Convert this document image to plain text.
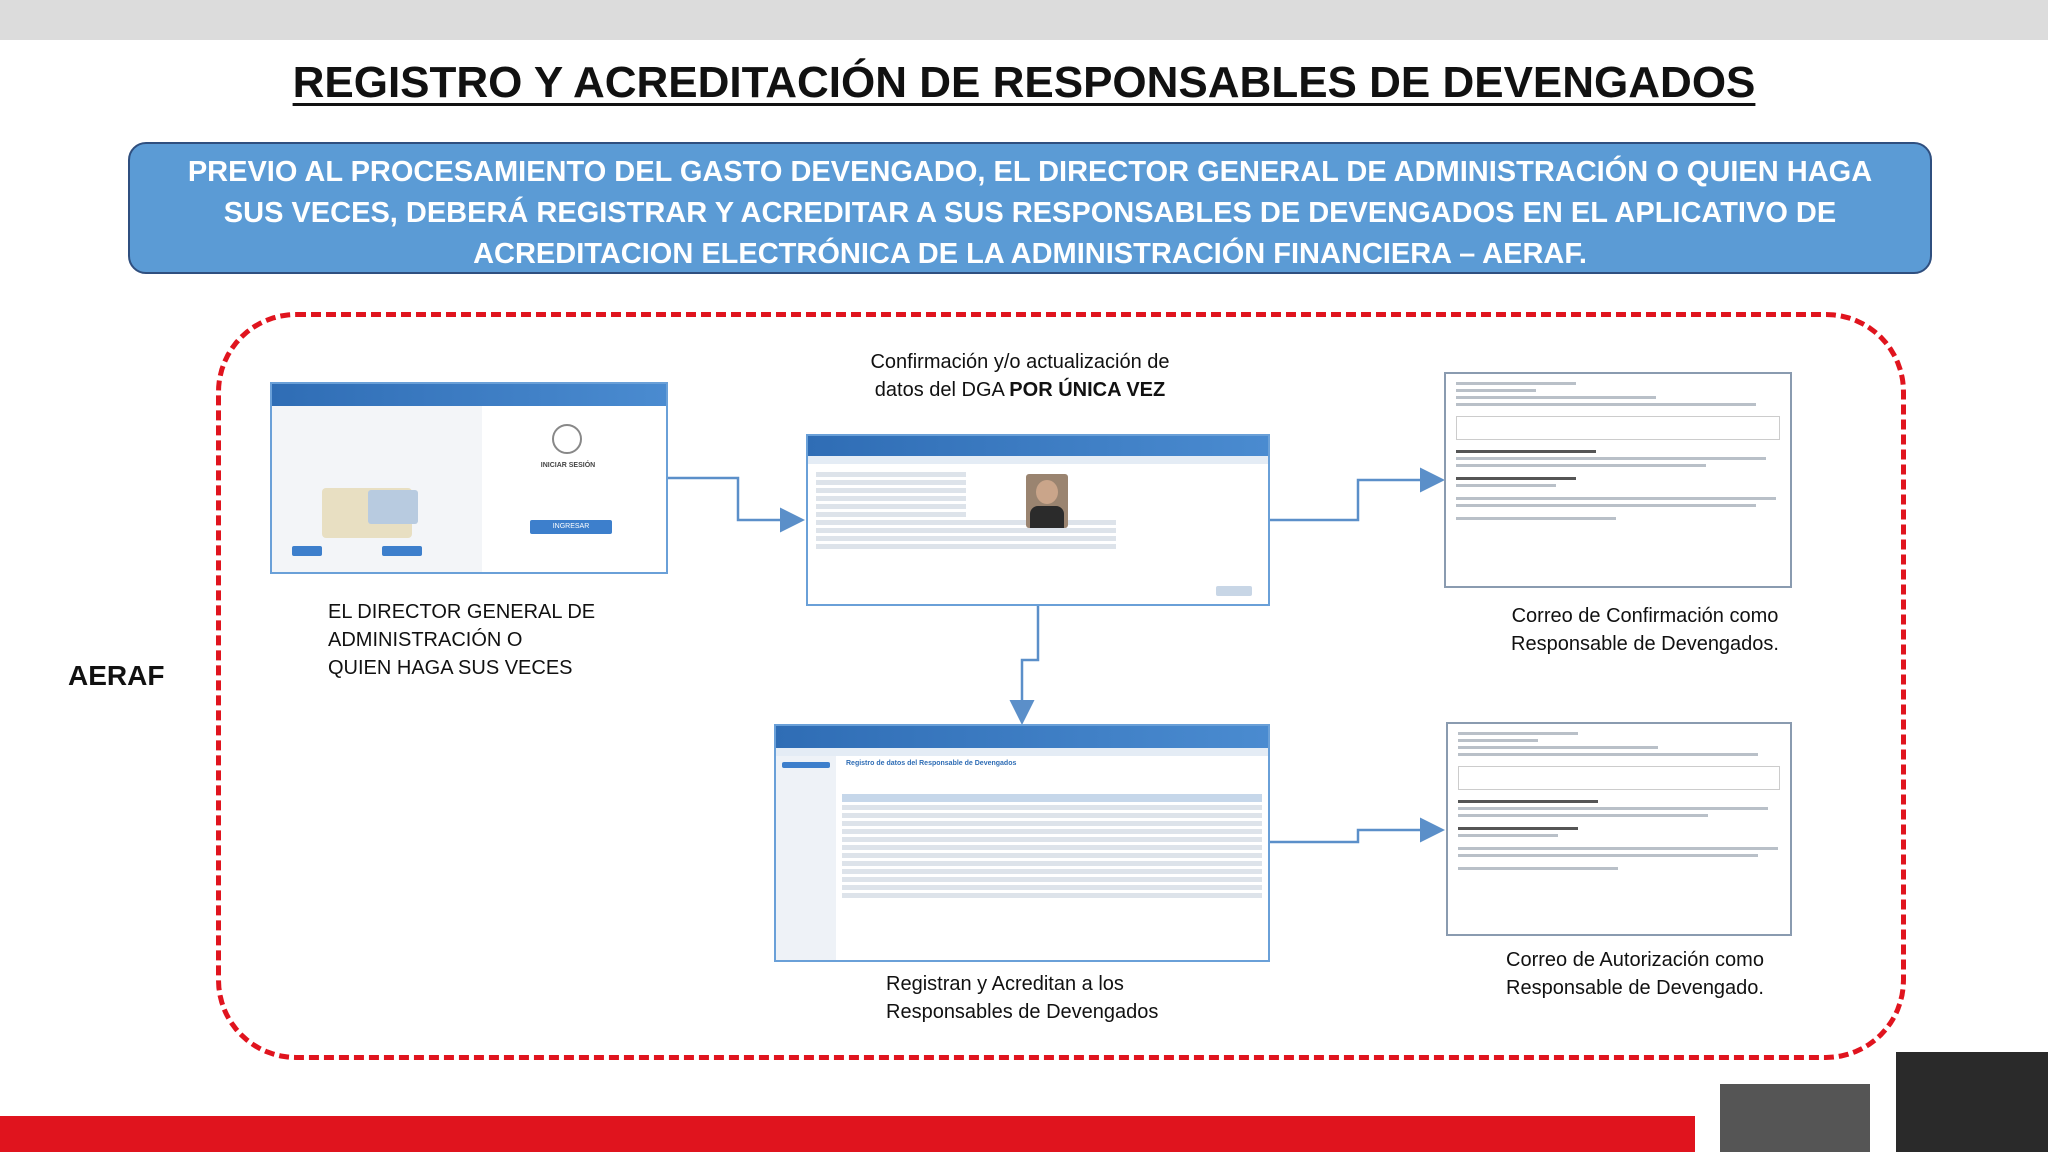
REGISTRO Y ACREDITACIÓN DE RESPONSABLES DE DEVENGADOS
PREVIO AL PROCESAMIENTO DEL GASTO DEVENGADO, EL DIRECTOR GENERAL DE ADMINISTRACIÓN O QUIEN HAGA SUS VECES, DEBERÁ REGISTRAR Y ACREDITAR A SUS RESPONSABLES DE DEVENGADOS EN EL APLICATIVO DE ACREDITACION ELECTRÓNICA DE LA ADMINISTRACIÓN FINANCIERA – AERAF.
AERAF
INICIAR SESIÓN
INGRESAR
EL DIRECTOR GENERAL DE
ADMINISTRACIÓN O
QUIEN HAGA SUS VECES
Confirmación y/o actualización de
datos del DGA POR ÚNICA VEZ
Registro de datos del Responsable de Devengados
Registran y Acreditan a los
Responsables de Devengados
Correo de Confirmación como
Responsable de Devengados.
Correo de Autorización como
Responsable de Devengado.
